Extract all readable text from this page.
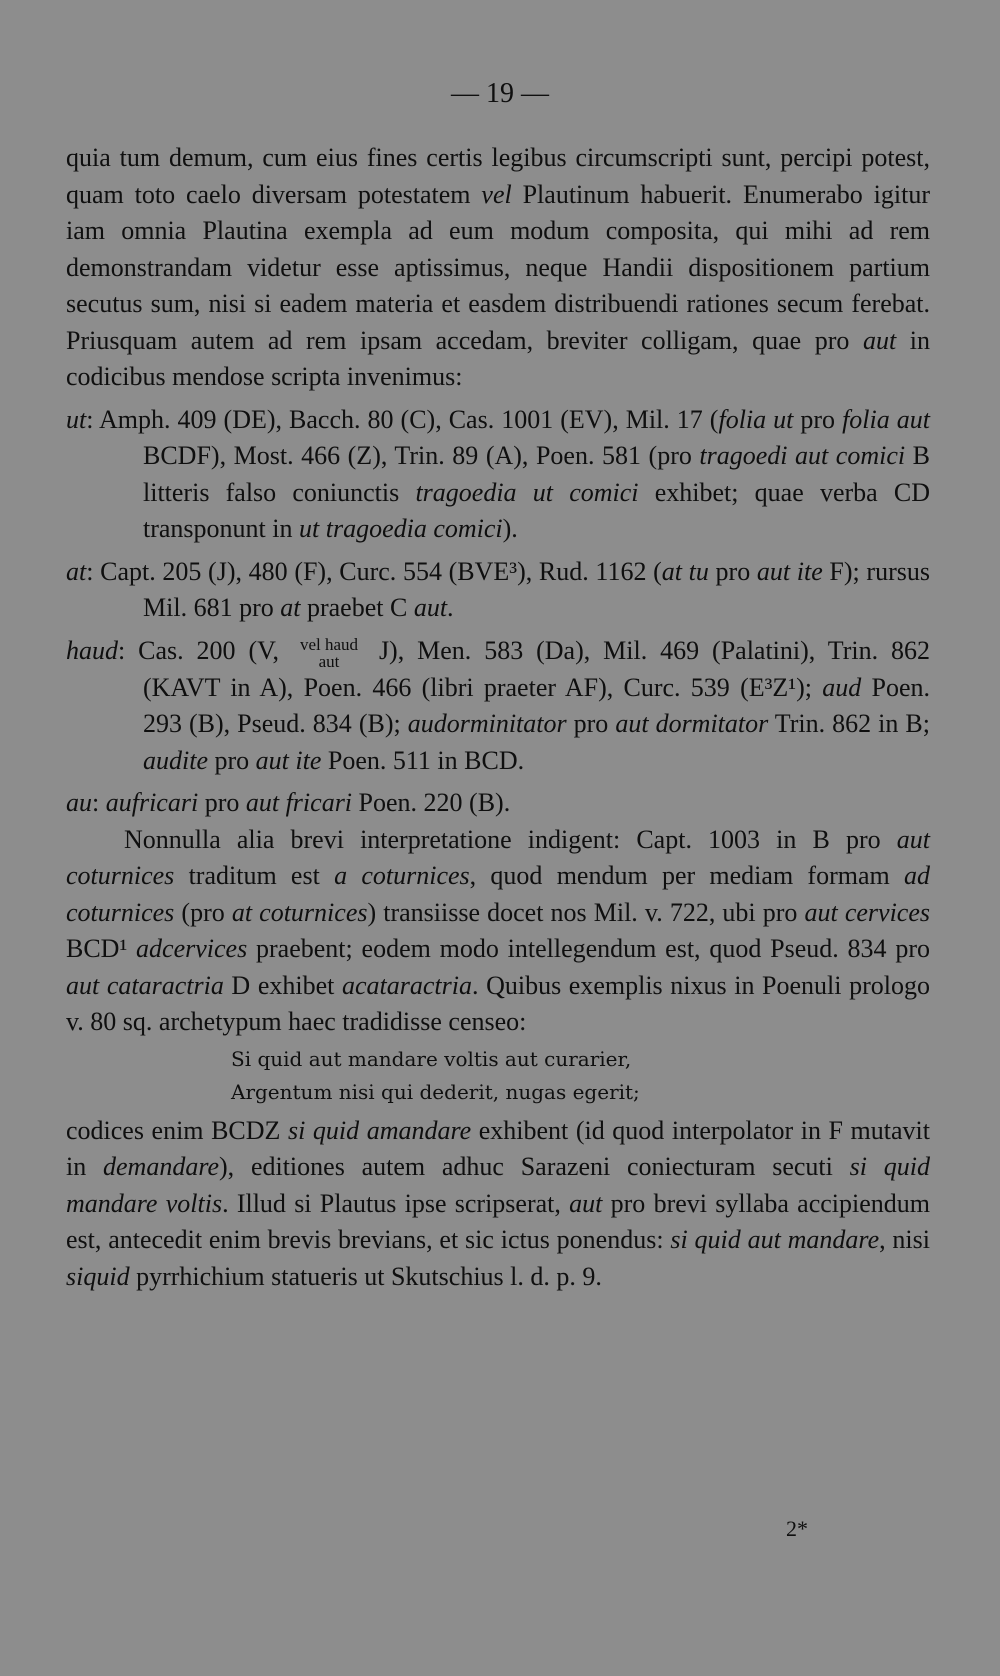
— 19 —
quia tum demum, cum eius fines certis legibus circumscripti sunt, percipi potest, quam toto caelo diversam potestatem vel Plautinum habuerit. Enumerabo igitur iam omnia Plautina exempla ad eum modum composita, qui mihi ad rem demonstrandam videtur esse aptissimus, neque Handii dispositionem partium secutus sum, nisi si eadem materia et easdem distribuendi rationes secum ferebat. Priusquam autem ad rem ipsam accedam, breviter colligam, quae pro aut in codicibus mendose scripta invenimus:
ut: Amph. 409 (DE), Bacch. 80 (C), Cas. 1001 (EV), Mil. 17 (folia ut pro folia aut BCDF), Most. 466 (Z), Trin. 89 (A), Poen. 581 (pro tragoedi aut comici B litteris falso coniunctis tragoedia ut comici exhibet; quae verba CD transponunt in ut tragoedia comici).
at: Capt. 205 (J), 480 (F), Curc. 554 (BVE³), Rud. 1162 (at tu pro aut ite F); rursus Mil. 681 pro at praebet C aut.
haud: Cas. 200 (V, vel haud
aut	J), Men. 583 (Da), Mil. 469 (Palatini), Trin. 862 (KAVT in A), Poen. 466 (libri praeter AF), Curc. 539 (E³Z¹); aud Poen. 293 (B), Pseud. 834 (B); audorminitator pro aut dormitator Trin. 862 in B; audite pro aut ite Poen. 511 in BCD.
au: aufricari pro aut fricari Poen. 220 (B).
Nonnulla alia brevi interpretatione indigent: Capt. 1003 in B pro aut coturnices traditum est a coturnices, quod mendum per mediam formam ad coturnices (pro at coturnices) transiisse docet nos Mil. v. 722, ubi pro aut cervices BCD¹ adcervices praebent; eodem modo intellegendum est, quod Pseud. 834 pro aut cataractria D exhibet acataractria. Quibus exemplis nixus in Poenuli prologo v. 80 sq. archetypum haec tradidisse censeo:
Si quid aut mandare voltis aut curarier,
Argentum nisi qui dederit, nugas egerit;
codices enim BCDZ si quid amandare exhibent (id quod interpolator in F mutavit in demandare), editiones autem adhuc Sarazeni coniecturam secuti si quid mandare voltis. Illud si Plautus ipse scripserat, aut pro brevi syllaba accipiendum est, antecedit enim brevis brevians, et sic ictus ponendus: si quid aut mandare, nisi siquid pyrrhichium statueris ut Skutschius l. d. p. 9.
2*
